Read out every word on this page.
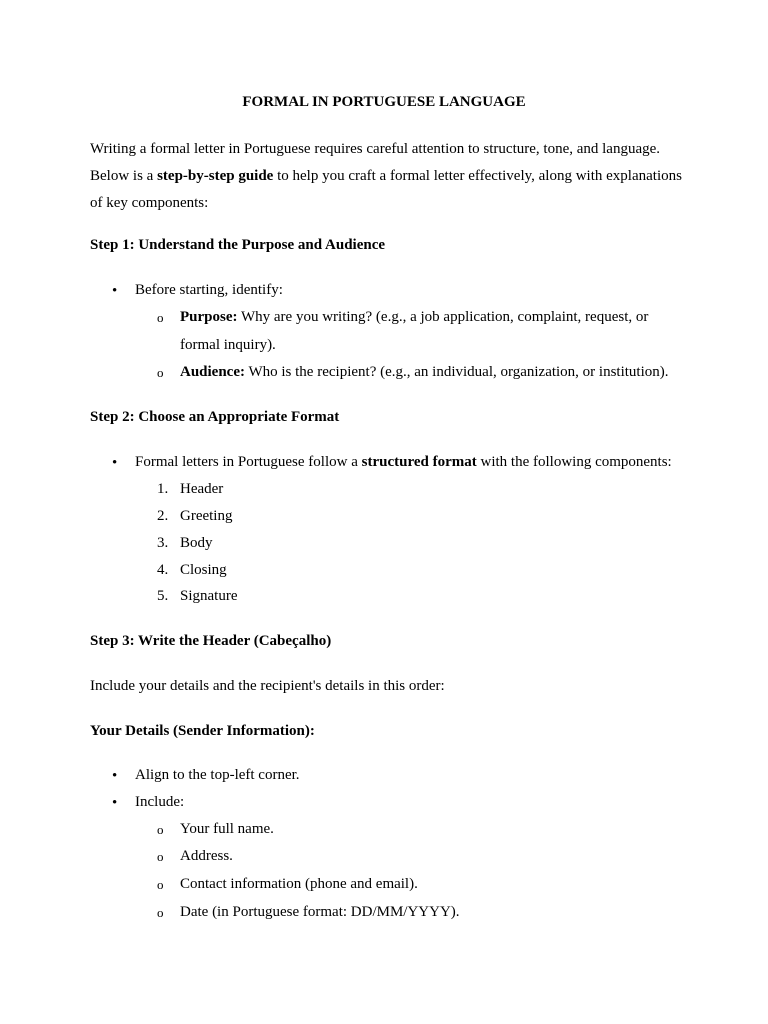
FORMAL IN PORTUGUESE LANGUAGE
Writing a formal letter in Portuguese requires careful attention to structure, tone, and language. Below is a step-by-step guide to help you craft a formal letter effectively, along with explanations of key components:
Step 1: Understand the Purpose and Audience
• Before starting, identify:
o Purpose: Why are you writing? (e.g., a job application, complaint, request, or
formal inquiry).
o Audience: Who is the recipient? (e.g., an individual, organization, or institution).
Step 2: Choose an Appropriate Format
• Formal letters in Portuguese follow a structured format with the following components:
1. Header
2. Greeting
3. Body
4. Closing
5. Signature
Step 3: Write the Header (Cabeçalho)
Include your details and the recipient's details in this order:
Your Details (Sender Information):
• Align to the top-left corner.
• Include:
o Your full name.
o Address.
o Contact information (phone and email).
o Date (in Portuguese format: DD/MM/YYYY).
